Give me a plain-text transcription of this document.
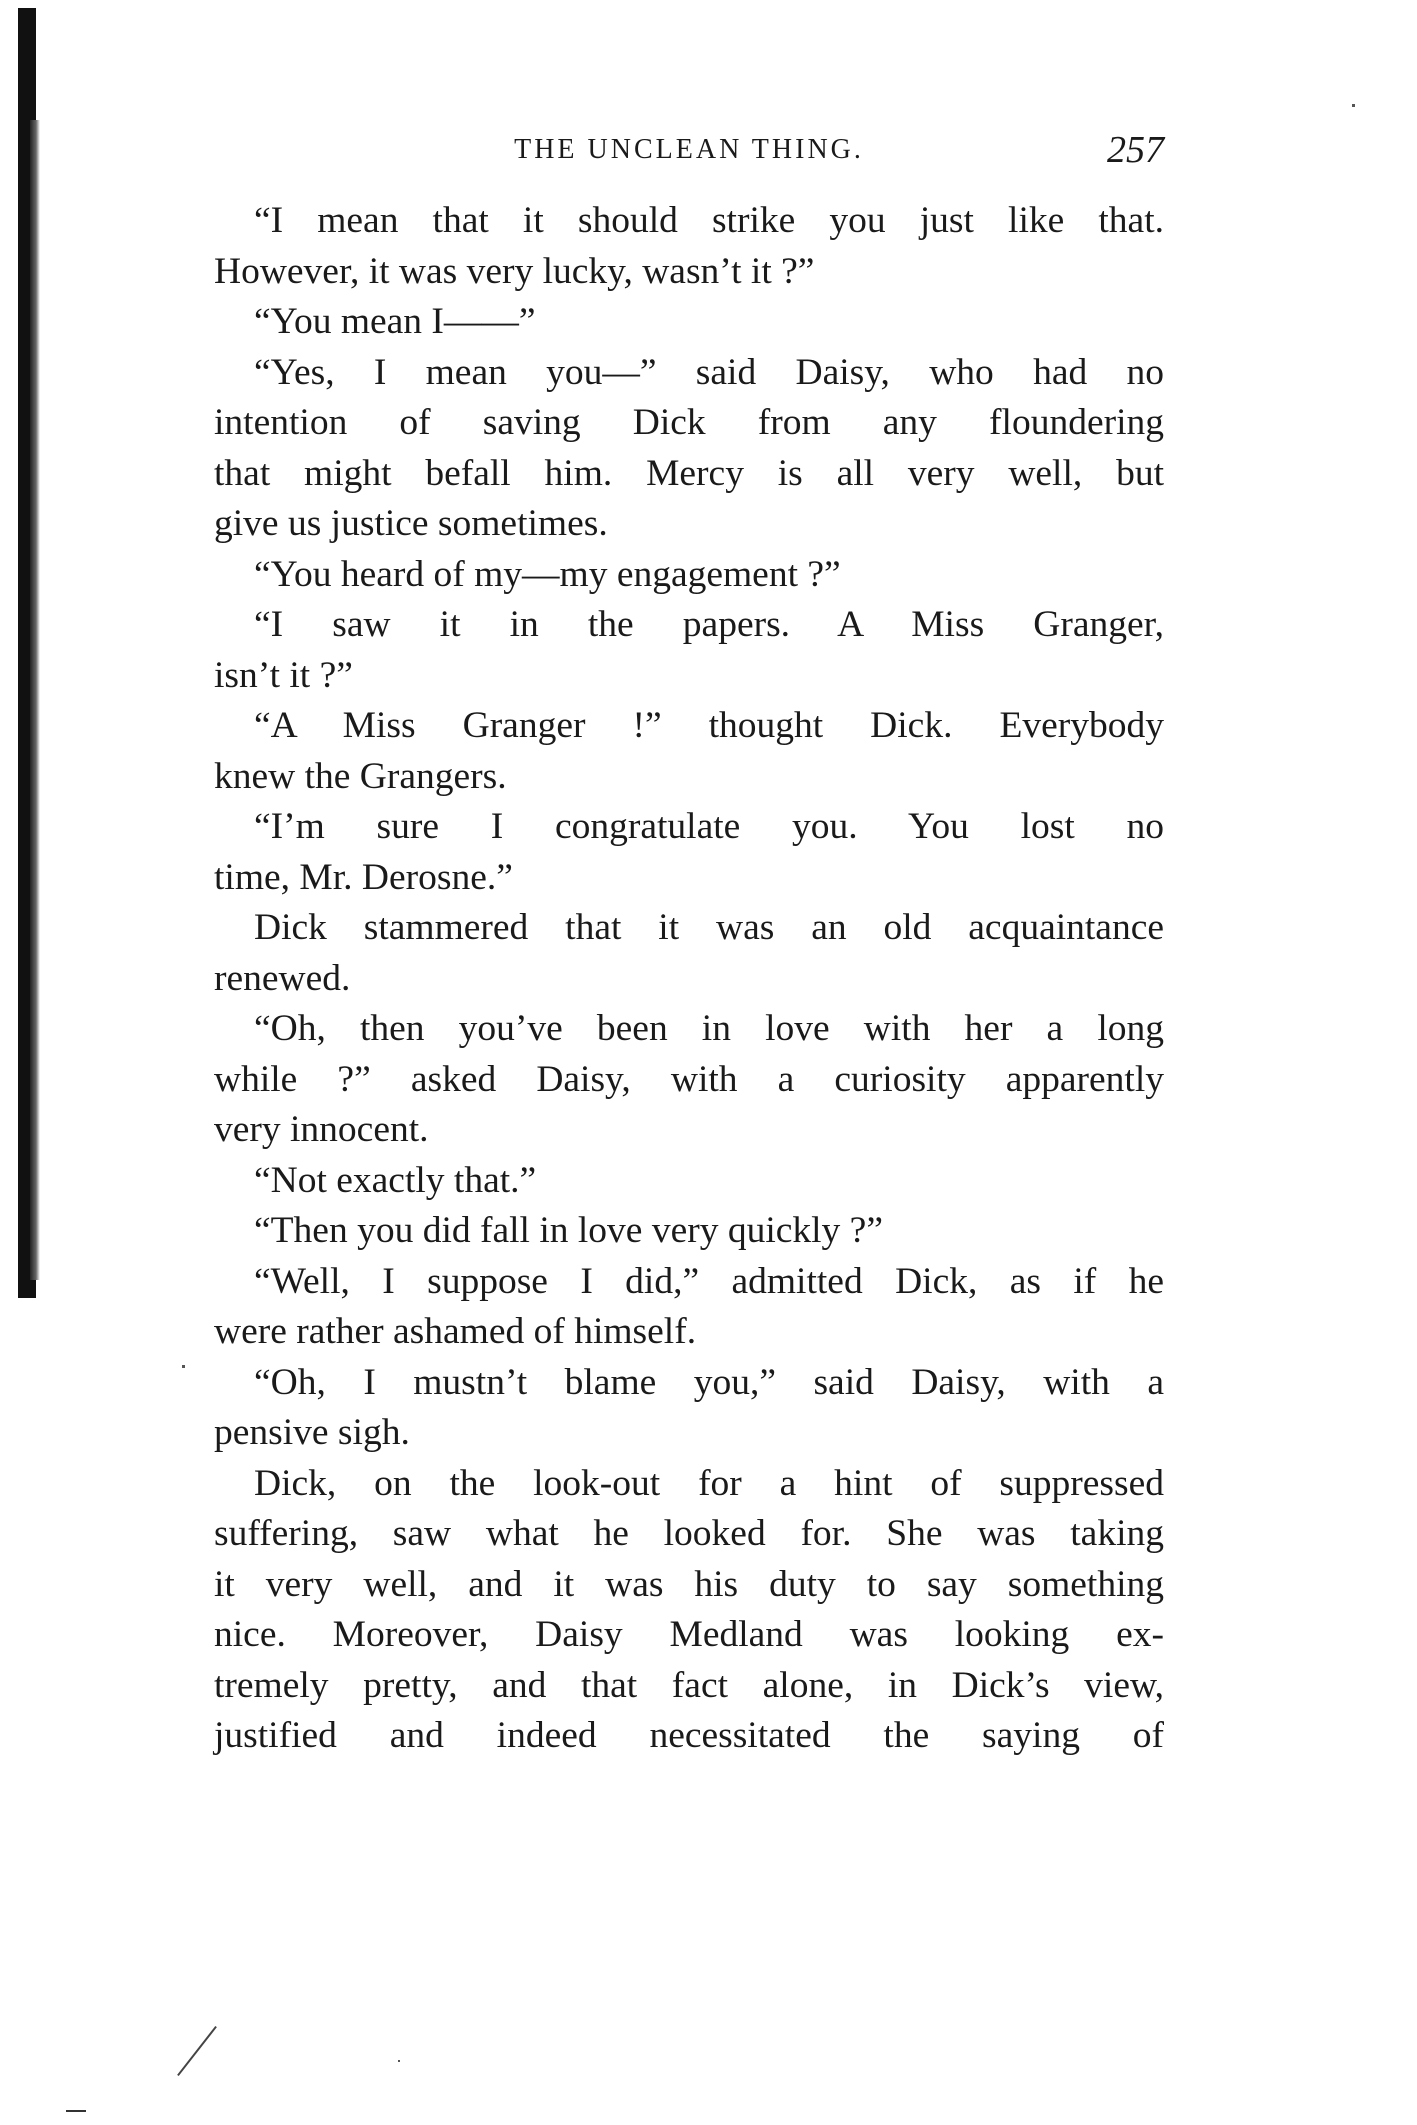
THE UNCLEAN THING.	257
“I mean that it should strike you just like that.
However, it was very lucky, wasn’t it ?”
“You mean I——”
“Yes, I mean you—” said Daisy, who had no
intention of saving Dick from any floundering
that might befall him. Mercy is all very well, but
give us justice sometimes.
“You heard of my—my engagement ?”
“I saw it in the papers. A Miss Granger,
isn’t it ?”
“A Miss Granger !” thought Dick. Everybody
knew the Grangers.
“I’m sure I congratulate you. You lost no
time, Mr. Derosne.”
Dick stammered that it was an old acquaintance
renewed.
“Oh, then you’ve been in love with her a long
while ?” asked Daisy, with a curiosity apparently
very innocent.
“Not exactly that.”
“Then you did fall in love very quickly ?”
“Well, I suppose I did,” admitted Dick, as if he
were rather ashamed of himself.
“Oh, I mustn’t blame you,” said Daisy, with a
pensive sigh.
Dick, on the look-out for a hint of suppressed
suffering, saw what he looked for. She was taking
it very well, and it was his duty to say something
nice. Moreover, Daisy Medland was looking ex-
tremely pretty, and that fact alone, in Dick’s view,
justified and indeed necessitated the saying of
